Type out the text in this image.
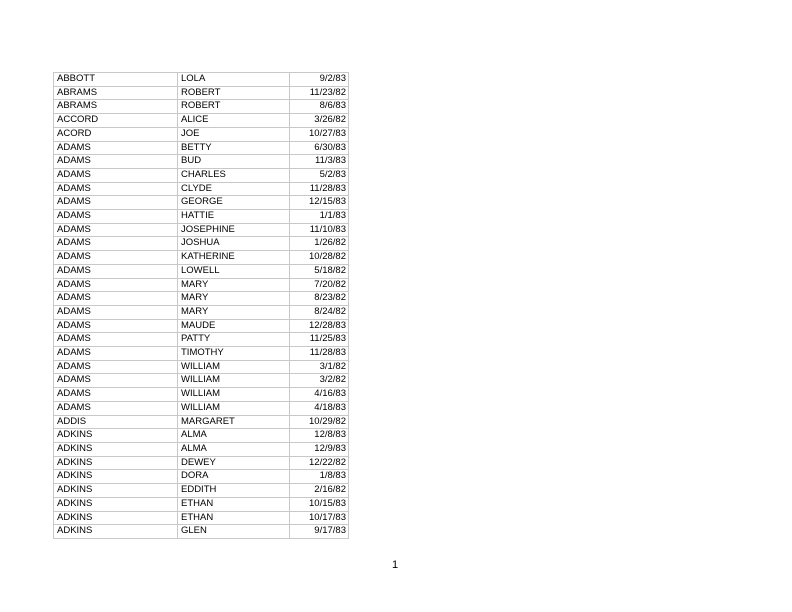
ABBOTT	LOLA	9/2/83
ABRAMS	ROBERT	11/23/82
ABRAMS	ROBERT	8/6/83
ACCORD	ALICE	3/26/82
ACORD	JOE	10/27/83
ADAMS	BETTY	6/30/83
ADAMS	BUD	11/3/83
ADAMS	CHARLES	5/2/83
ADAMS	CLYDE	11/28/83
ADAMS	GEORGE	12/15/83
ADAMS	HATTIE	1/1/83
ADAMS	JOSEPHINE	11/10/83
ADAMS	JOSHUA	1/26/82
ADAMS	KATHERINE	10/28/82
ADAMS	LOWELL	5/18/82
ADAMS	MARY	7/20/82
ADAMS	MARY	8/23/82
ADAMS	MARY	8/24/82
ADAMS	MAUDE	12/28/83
ADAMS	PATTY	11/25/83
ADAMS	TIMOTHY	11/28/83
ADAMS	WILLIAM	3/1/82
ADAMS	WILLIAM	3/2/82
ADAMS	WILLIAM	4/16/83
ADAMS	WILLIAM	4/18/83
ADDIS	MARGARET	10/29/82
ADKINS	ALMA	12/8/83
ADKINS	ALMA	12/9/83
ADKINS	DEWEY	12/22/82
ADKINS	DORA	1/8/83
ADKINS	EDDITH	2/16/82
ADKINS	ETHAN	10/15/83
ADKINS	ETHAN	10/17/83
ADKINS	GLEN	9/17/83
1
